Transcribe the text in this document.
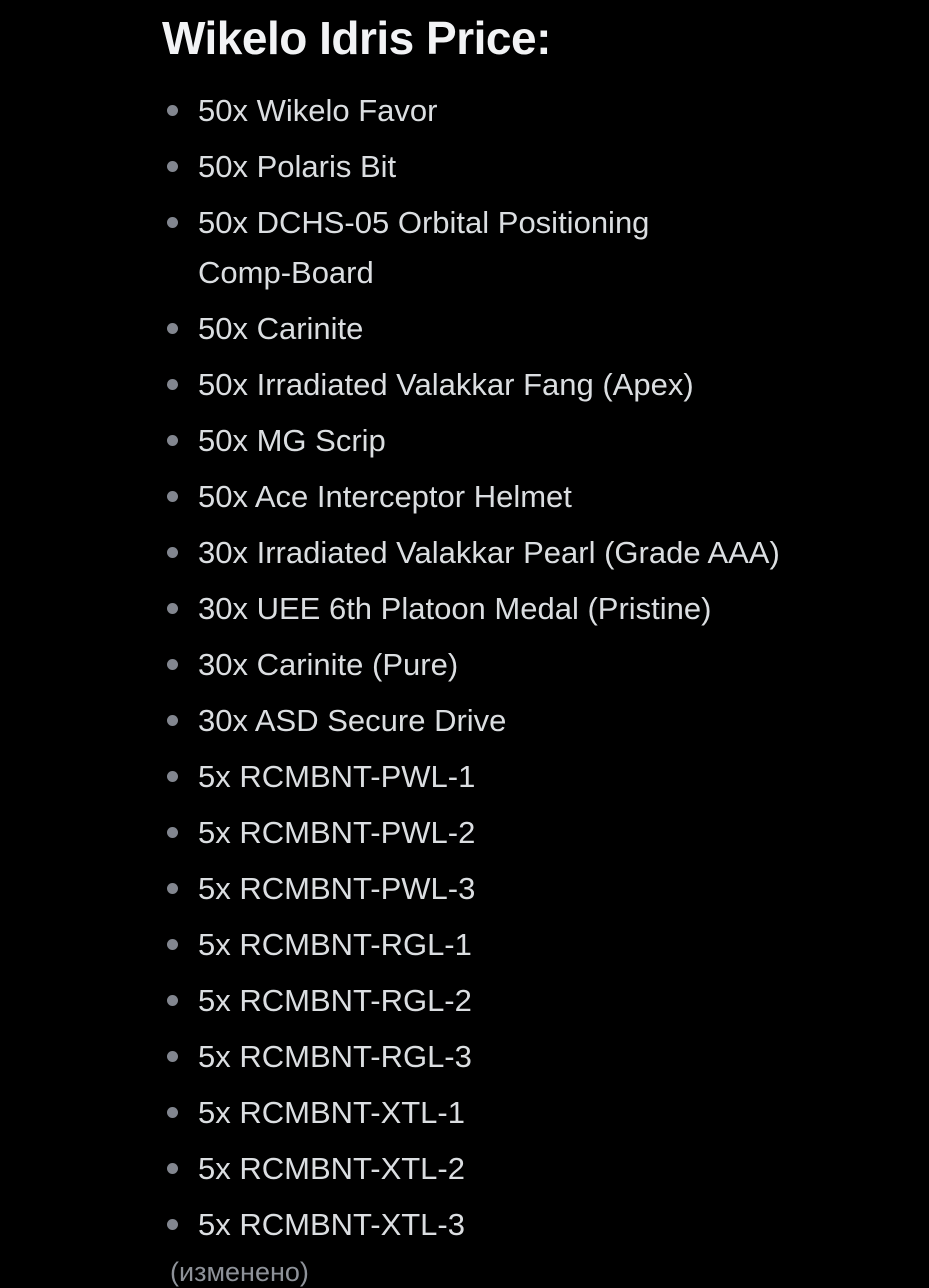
Wikelo Idris Price:
50x Wikelo Favor
50x Polaris Bit
50x DCHS-05 Orbital Positioning
Comp-Board
50x Carinite
50x Irradiated Valakkar Fang (Apex)
50x MG Scrip
50x Ace Interceptor Helmet
30x Irradiated Valakkar Pearl (Grade AAA)
30x UEE 6th Platoon Medal (Pristine)
30x Carinite (Pure)
30x ASD Secure Drive
5x RCMBNT-PWL-1
5x RCMBNT-PWL-2
5x RCMBNT-PWL-3
5x RCMBNT-RGL-1
5x RCMBNT-RGL-2
5x RCMBNT-RGL-3
5x RCMBNT-XTL-1
5x RCMBNT-XTL-2
5x RCMBNT-XTL-3
(изменено)
